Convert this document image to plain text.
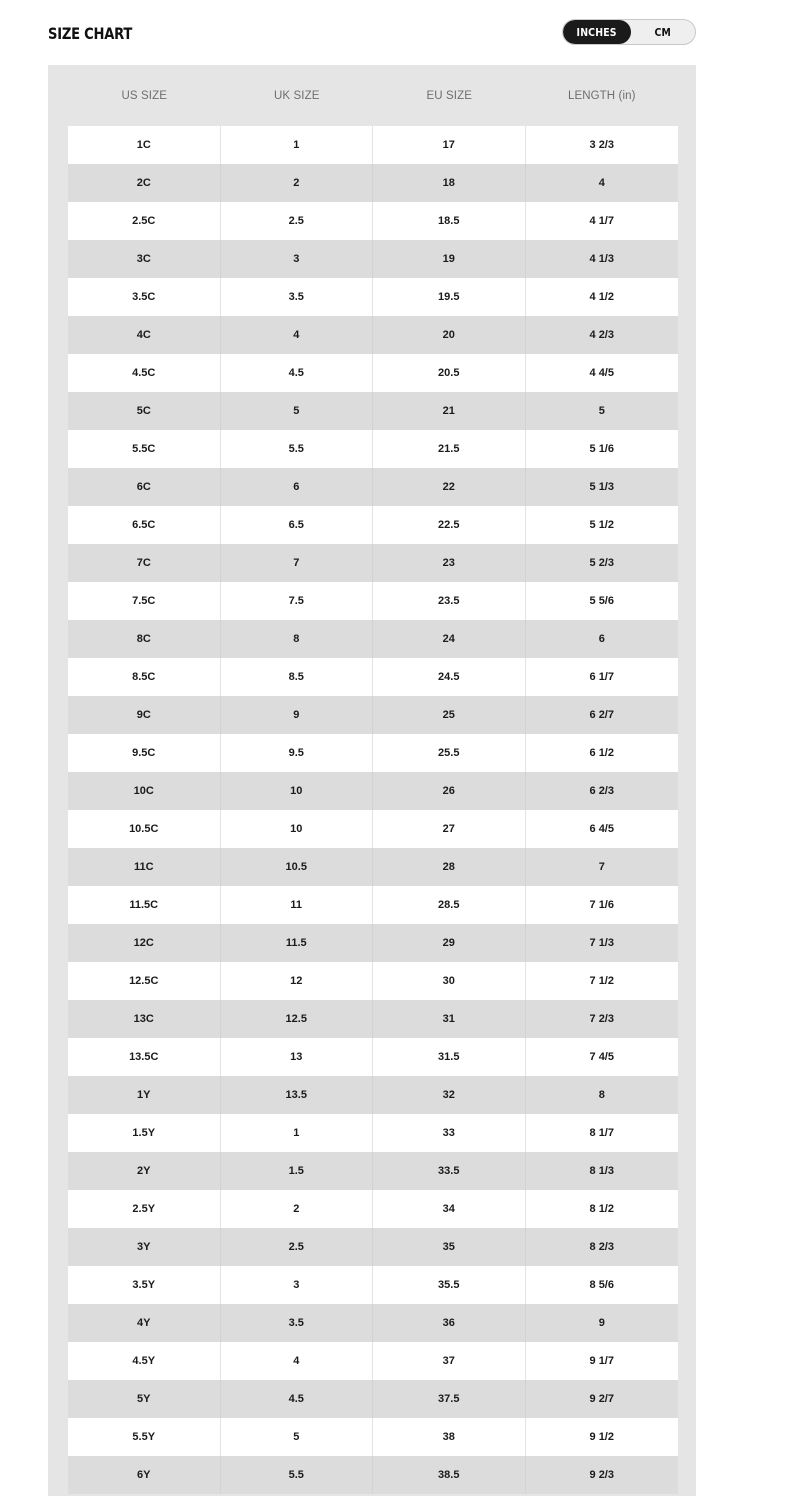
SIZE CHART	INCHES	CM
US SIZE	UK SIZE	EU SIZE	LENGTH (in)
1C	1	17	3 2/3
2C	2	18	4
2.5C	2.5	18.5	4 1/7
3C	3	19	4 1/3
3.5C	3.5	19.5	4 1/2
4C	4	20	4 2/3
4.5C	4.5	20.5	4 4/5
5C	5	21	5
5.5C	5.5	21.5	5 1/6
6C	6	22	5 1/3
6.5C	6.5	22.5	5 1/2
7C	7	23	5 2/3
7.5C	7.5	23.5	5 5/6
8C	8	24	6
8.5C	8.5	24.5	6 1/7
9C	9	25	6 2/7
9.5C	9.5	25.5	6 1/2
10C	10	26	6 2/3
10.5C	10	27	6 4/5
11C	10.5	28	7
11.5C	11	28.5	7 1/6
12C	11.5	29	7 1/3
12.5C	12	30	7 1/2
13C	12.5	31	7 2/3
13.5C	13	31.5	7 4/5
1Y	13.5	32	8
1.5Y	1	33	8 1/7
2Y	1.5	33.5	8 1/3
2.5Y	2	34	8 1/2
3Y	2.5	35	8 2/3
3.5Y	3	35.5	8 5/6
4Y	3.5	36	9
4.5Y	4	37	9 1/7
5Y	4.5	37.5	9 2/7
5.5Y	5	38	9 1/2
6Y	5.5	38.5	9 2/3
